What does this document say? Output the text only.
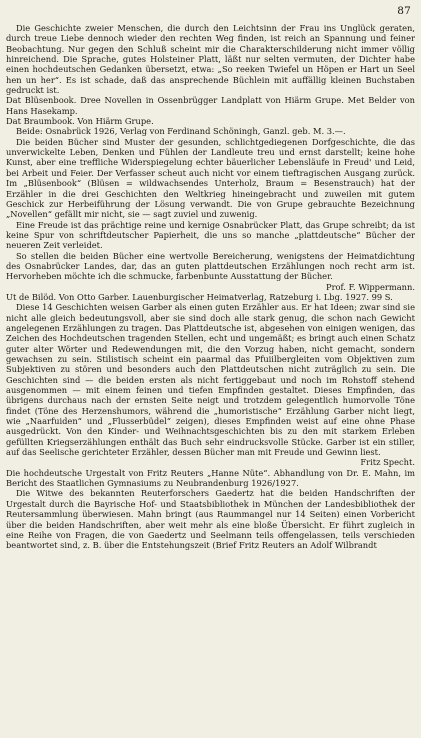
87

Die Geschichte zweier Menschen, die durch den Leichtsinn der Frau ins Unglück geraten, durch treue Liebe dennoch wieder den rechten Weg finden, ist reich an Spannung und feiner Beobachtung. Nur gegen den Schluß scheint mir die Charakterschilderung nicht immer völlig hinreichend. Die Sprache, gutes Holsteiner Platt, läßt nur selten vermuten, der Dichter habe einen hochdeutschen Gedanken übersetzt, etwa: „So reeken Twiefel un Höpen er Hart un Seel hen un her“. Es ist schade, daß das ansprechende Büchlein mit auffällig kleinen Buchstaben gedruckt ist.

Dat Blüsenbook. Dree Novellen in Ossenbrügger Landplatt von Hiärm Grupe. Met Belder von Hans Hasekamp.

Dat Braumbook. Von Hiärm Grupe.

Beide: Osnabrück 1926, Verlag von Ferdinand Schöningh, Ganzl. geb. M. 3.—.

Die beiden Bücher sind Muster der gesunden, schlichtgediegenen Dorfgeschichte, die das unverwickelte Leben, Denken und Fühlen der Landleute treu und ernst darstellt; keine hohe Kunst, aber eine treffliche Widerspiegelung echter bäuerlicher Lebensläufe in Freud' und Leid, bei Arbeit und Feier. Der Verfasser scheut auch nicht vor einem tieftragischen Ausgang zurück. Im „Blüsenbook“ (Blüsen = wildwachsendes Unterholz, Braum = Besenstrauch) hat der Erzähler in die drei Geschichten den Weltkrieg hineingebracht und zuweilen mit gutem Geschick zur Herbeiführung der Lösung verwandt. Die von Grupe gebrauchte Bezeichnung „Novellen“ gefällt mir nicht, sie — sagt zuviel und zuwenig.

Eine Freude ist das prächtige reine und kernige Osnabrücker Platt, das Grupe schreibt; da ist keine Spur von schriftdeutscher Papierheit, die uns so manche „plattdeutsche“ Bücher der neueren Zeit verleidet.

So stellen die beiden Bücher eine wertvolle Bereicherung, wenigstens der Heimatdichtung des Osnabrücker Landes, dar, das an guten plattdeutschen Erzählungen noch recht arm ist. Hervorheben möchte ich die schmucke, farbenbunte Ausstattung der Bücher.

Prof. F. Wippermann.

Ut de Bilöd. Von Otto Garber. Lauenburgischer Heimatverlag, Ratzeburg i. Lbg. 1927. 99 S.

Diese 14 Geschichten weisen Garber als einen guten Erzähler aus. Er hat Ideen; zwar sind sie nicht alle gleich bedeutungsvoll, aber sie sind doch alle stark genug, die schon nach Gewicht angelegenen Erzählungen zu tragen. Das Plattdeutsche ist, abgesehen von einigen wenigen, das Zeichen des Hochdeutschen tragenden Stellen, echt und ungemäßt; es bringt auch einen Schatz guter alter Wörter und Redewendungen mit, die den Vorzug haben, nicht gemacht, sondern gewachsen zu sein. Stilistisch scheint ein paarmal das Pfuiilbergleiten vom Objektiven zum Subjektiven zu stören und besonders auch den Plattdeutschen nicht zuträglich zu sein. Die Geschichten sind — die beiden ersten als nicht fertiggebaut und noch im Rohstoff stehend ausgenommen — mit einem feinen und tiefen Empfinden gestaltet. Dieses Empfinden, das übrigens durchaus nach der ernsten Seite neigt und trotzdem gelegentlich humorvolle Töne findet (Töne des Herzenshumors, während die „humoristische“ Erzählung Garber nicht liegt, wie „Naarfuiden“ und „Flusserbüdel“ zeigen), dieses Empfinden weist auf eine ohne Phase ausgedrückt. Von den Kinder- und Weihnachtsgeschichten bis zu den mit starkem Erleben gefüllten Kriegserzählungen enthält das Buch sehr eindrucksvolle Stücke. Garber ist ein stiller, auf das Seelische gerichteter Erzähler, dessen Bücher man mit Freude und Gewinn liest.

Fritz Specht.

Die hochdeutsche Urgestalt von Fritz Reuters „Hanne Nüte“. Abhandlung von Dr. E. Mahn, im Bericht des Staatlichen Gymnasiums zu Neubrandenburg 1926/1927.

Die Witwe des bekannten Reuterforschers Gaedertz hat die beiden Handschriften der Urgestalt durch die Bayrische Hof- und Staatsbibliothek in München der Landesbibliothek der Reutersammlung überwiesen. Mahn bringt (aus Raummangel nur 14 Seiten) einen Vorbericht über die beiden Handschriften, aber weit mehr als eine bloße Übersicht. Er führt zugleich in eine Reihe von Fragen, die von Gaedertz und Seelmann teils offengelassen, teils verschieden beantwortet sind, z. B. über die Entstehungszeit (Brief Fritz Reuters an Adolf Wilbrandt
